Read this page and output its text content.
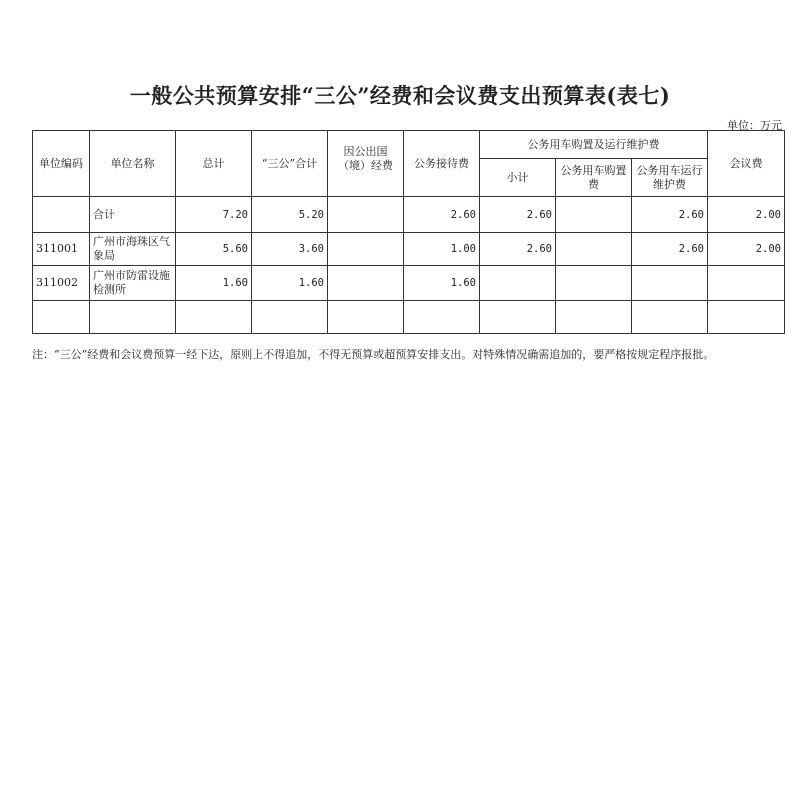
一般公共预算安排“三公”经费和会议费支出预算表(表七)
单位：万元
单位编码	单位名称	总计	“三公”合计	因公出国（境）经费	公务接待费	公务用车购置及运行维护费			会议费
						小计	公务用车购置费	公务用车运行维护费	
	合计	7.20	5.20		2.60	2.60		2.60	2.00
311001	广州市海珠区气象局	5.60	3.60		1.00	2.60		2.60	2.00
311002	广州市防雷设施检测所	1.60	1.60		1.60				

注：“三公”经费和会议费预算一经下达，原则上不得追加，不得无预算或超预算安排支出。对特殊情况确需追加的，要严格按规定程序报批。
